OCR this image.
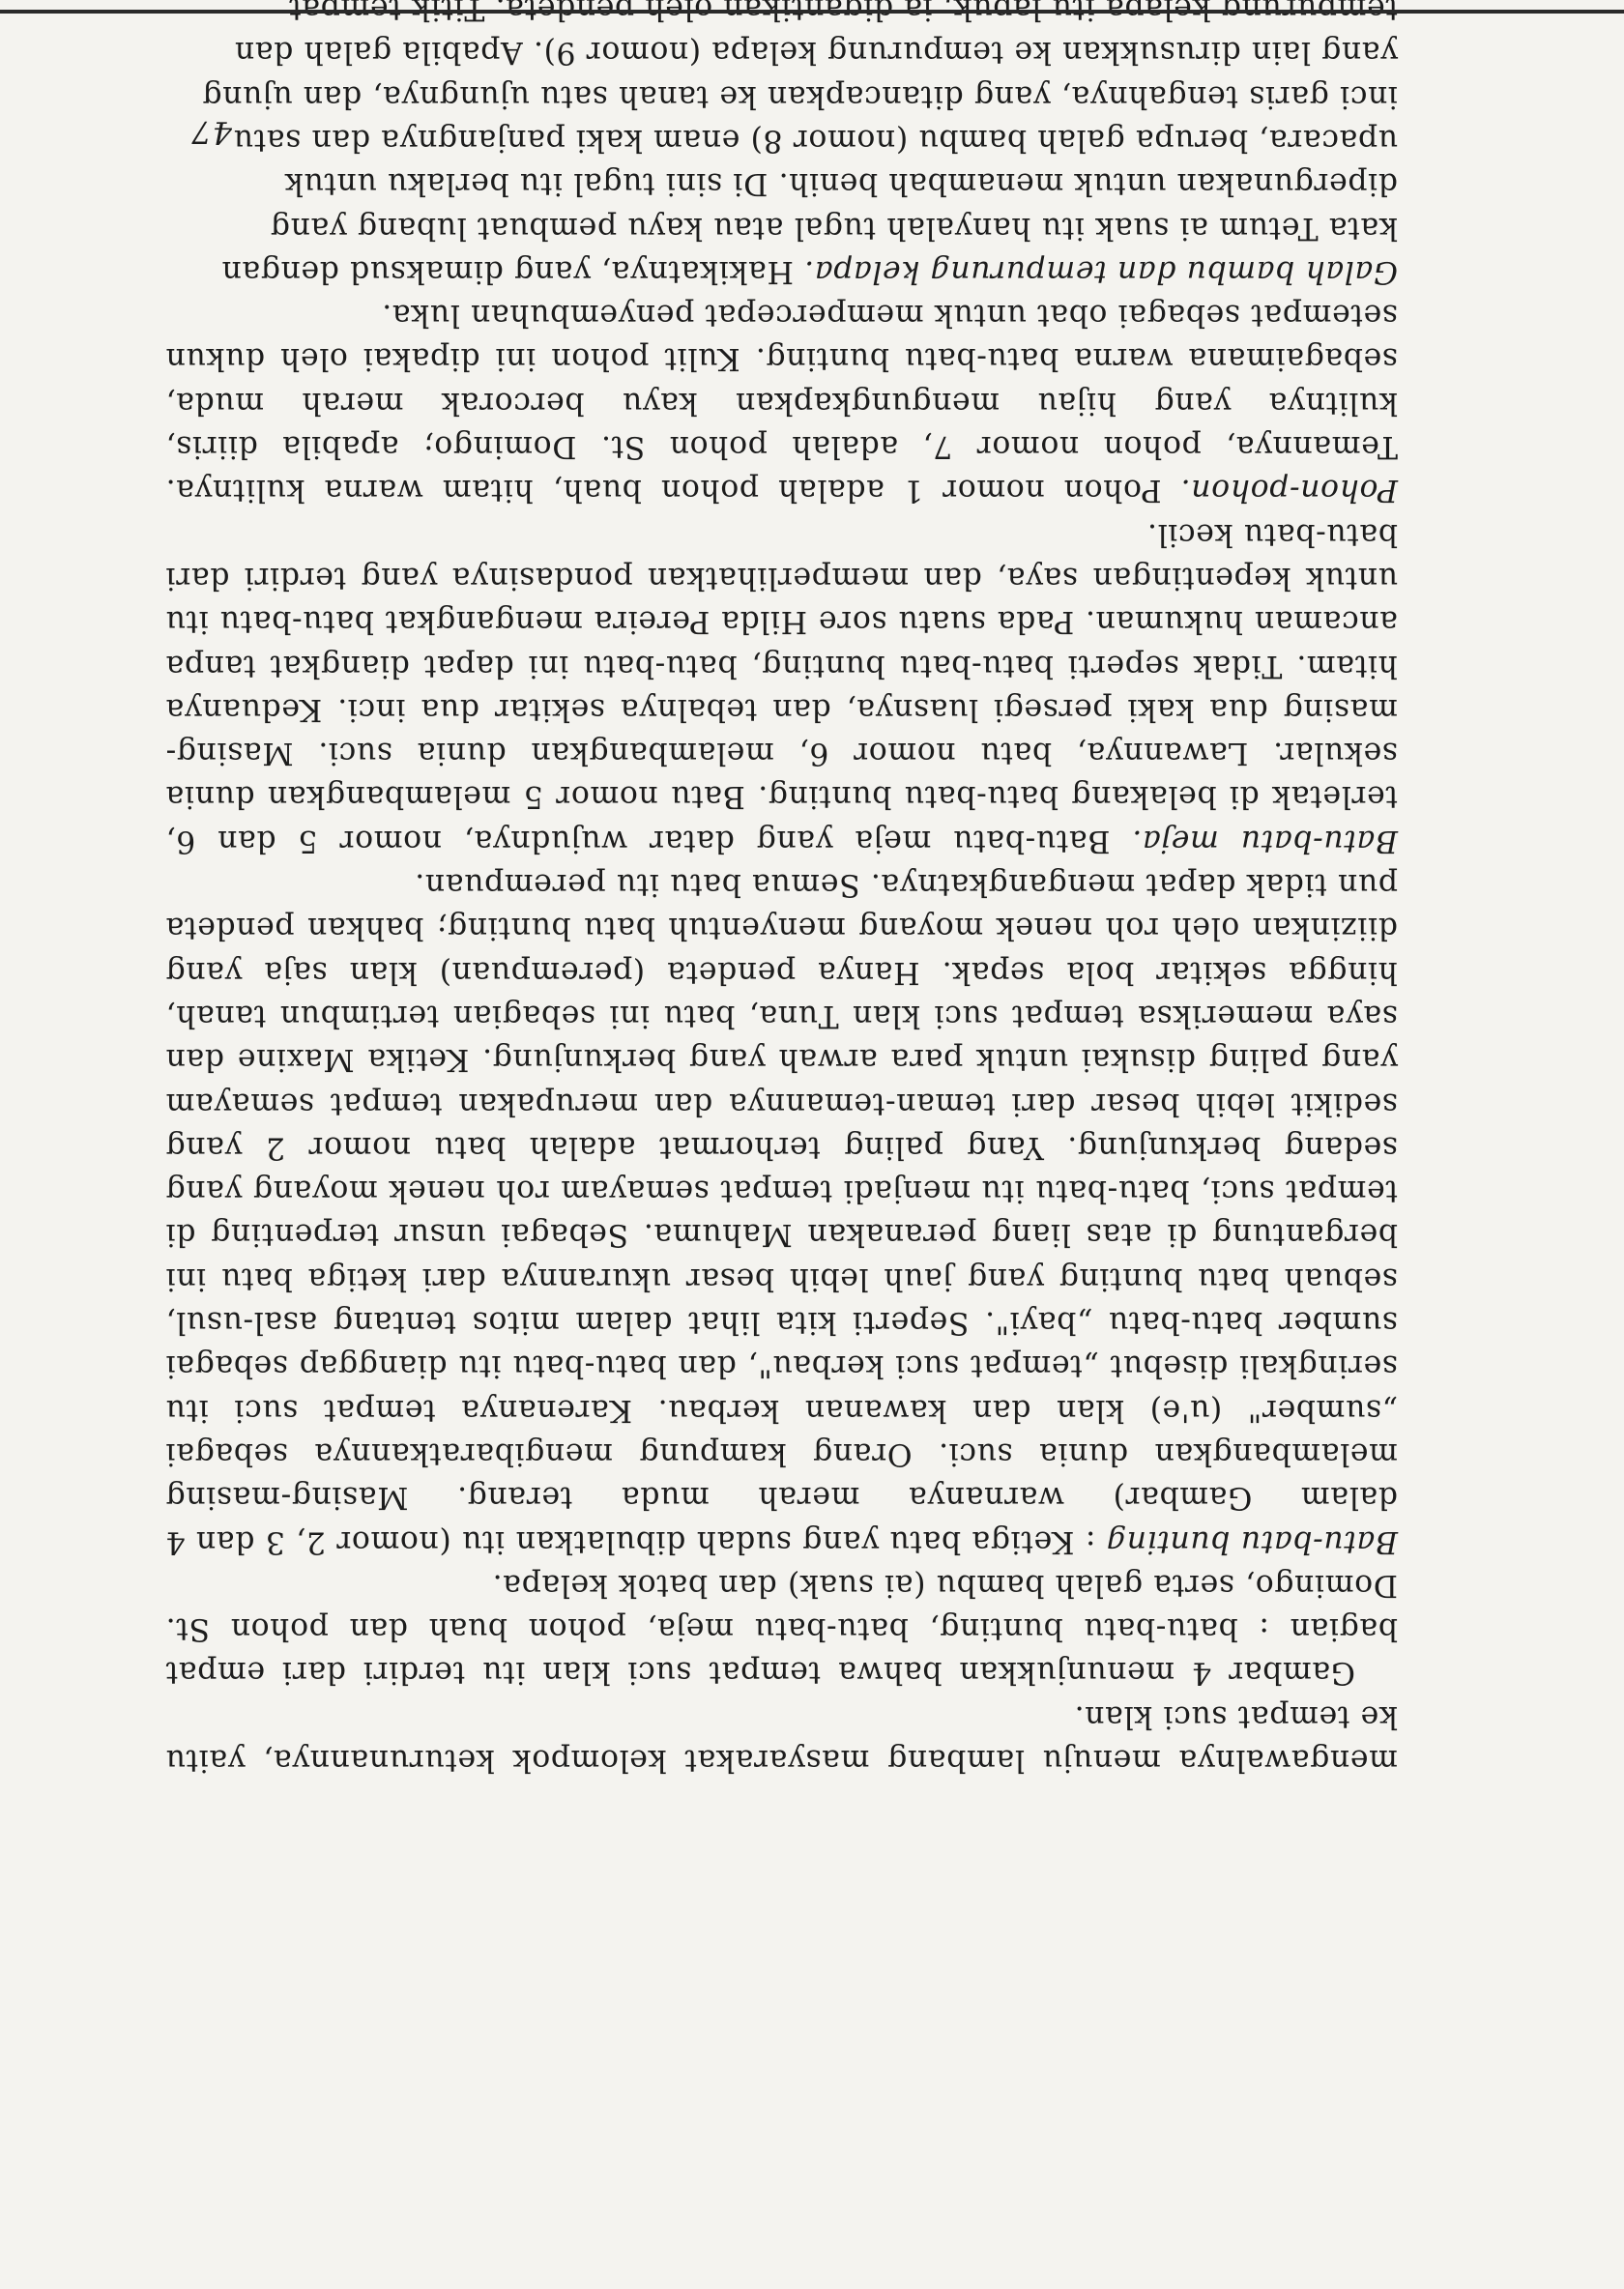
mengawalnya menuju lambang masyarakat kelompok keturunannya, yaitu ke tempat suci klan.

Gambar 4 menunjukkan bahwa tempat suci klan itu terdiri dari empat bagian : batu-batu bunting, batu-batu meja, pohon buah dan pohon St. Domingo, serta galah bambu (ai suak) dan batok kelapa.

Batu-batu bunting : Ketiga batu yang sudah dibulatkan itu (nomor 2, 3 dan 4 dalam Gambar) warnanya merah muda terang. Masing-masing melambangkan dunia suci. Orang kampung mengibaratkannya sebagai „sumber" (u'e) klan dan kawanan kerbau. Karenanya tempat suci itu seringkali disebut „tempat suci kerbau", dan batu-batu itu dianggap sebagai sumber batu-batu „bayi". Seperti kita lihat dalam mitos tentang asal-usul, sebuah batu bunting yang jauh lebih besar ukurannya dari ketiga batu ini bergantung di atas liang peranakan Mahuma. Sebagai unsur terpenting di tempat suci, batu-batu itu menjadi tempat semayam roh nenek moyang yang sedang berkunjung. Yang paling terhormat adalah batu nomor 2 yang sedikit lebih besar dari teman-temannya dan merupakan tempat semayam yang paling disukai untuk para arwah yang berkunjung. Ketika Maxine dan saya memeriksa tempat suci klan Tuna, batu ini sebagian tertimbun tanah, hingga sekitar bola sepak. Hanya pendeta (perempuan) klan saja yang diizinkan oleh roh nenek moyang menyentuh batu bunting; bahkan pendeta pun tidak dapat mengangkatnya. Semua batu itu perempuan.

Batu-batu meja. Batu-batu meja yang datar wujudnya, nomor 5 dan 6, terletak di belakang batu-batu bunting. Batu nomor 5 melambangkan dunia sekular. Lawannya, batu nomor 6, melambangkan dunia suci. Masing-masing dua kaki persegi luasnya, dan tebalnya sekitar dua inci. Keduanya hitam. Tidak seperti batu-batu bunting, batu-batu ini dapat diangkat tanpa ancaman hukuman. Pada suatu sore Hilda Pereira mengangkat batu-batu itu untuk kepentingan saya, dan memperlihatkan pondasinya yang terdiri dari batu-batu kecil.

Pohon-pohon. Pohon nomor 1 adalah pohon buah, hitam warna kulitnya. Temannya, pohon nomor 7, adalah pohon St. Domingo; apabila diiris, kulitnya yang hijau mengungkapkan kayu bercorak merah muda, sebagaimana warna batu-batu bunting. Kulit pohon ini dipakai oleh dukun setempat sebagai obat untuk mempercepat penyembuhan luka.

Galah bambu dan tempurung kelapa. Hakikatnya, yang dimaksud dengan kata Tetum ai suak itu hanyalah tugal atau kayu pembuat lubang yang dipergunakan untuk menambah benih. Di sini tugal itu berlaku untuk upacara, berupa galah bambu (nomor 8) enam kaki panjangnya dan satu inci garis tengahnya, yang ditancapkan ke tanah satu ujungnya, dan ujung yang lain dirusukkan ke tempurung kelapa (nomor 9). Apabila galah dan

47
